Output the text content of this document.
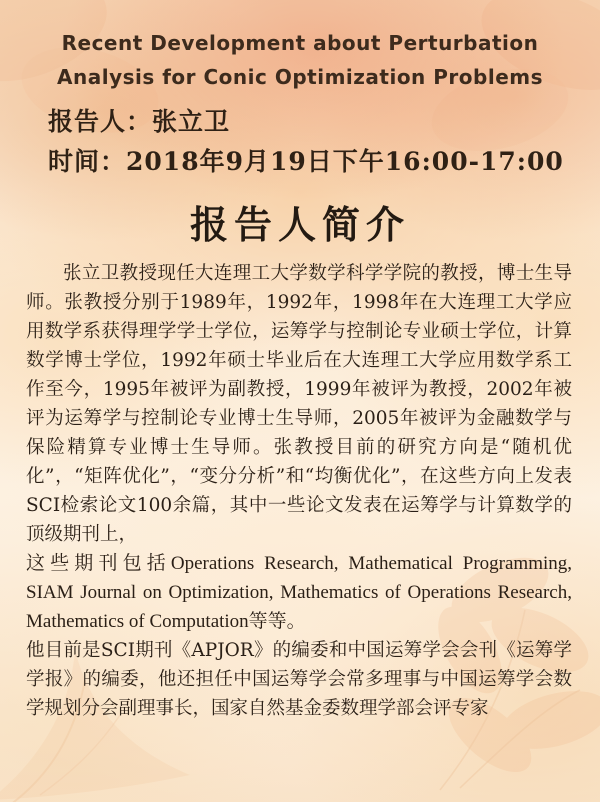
Recent Development about Perturbation
Analysis for Conic Optimization Problems
报告人：张立卫
时间：2018年9月19日下午16:00-17:00
报告人简介

张立卫教授现任大连理工大学数学科学学院的教授，博士生导师。张教授分别于1989年，1992年，1998年在大连理工大学应用数学系获得理学学士学位，运筹学与控制论专业硕士学位，计算数学博士学位，1992年硕士毕业后在大连理工大学应用数学系工作至今，1995年被评为副教授，1999年被评为教授，2002年被评为运筹学与控制论专业博士生导师，2005年被评为金融数学与保险精算专业博士生导师。张教授目前的研究方向是“随机优化”，“矩阵优化”，“变分分析”和“均衡优化”，在这些方向上发表SCI检索论文100余篇，其中一些论文发表在运筹学与计算数学的顶级期刊上，

这些期刊包括Operations Research, Mathematical Programming, SIAM Journal on Optimization, Mathematics of Operations Research, Mathematics of Computation等等。

他目前是SCI期刊《APJOR》的编委和中国运筹学会会刊《运筹学学报》的编委，他还担任中国运筹学会常多理事与中国运筹学会数学规划分会副理事长，国家自然基金委数理学部会评专家
